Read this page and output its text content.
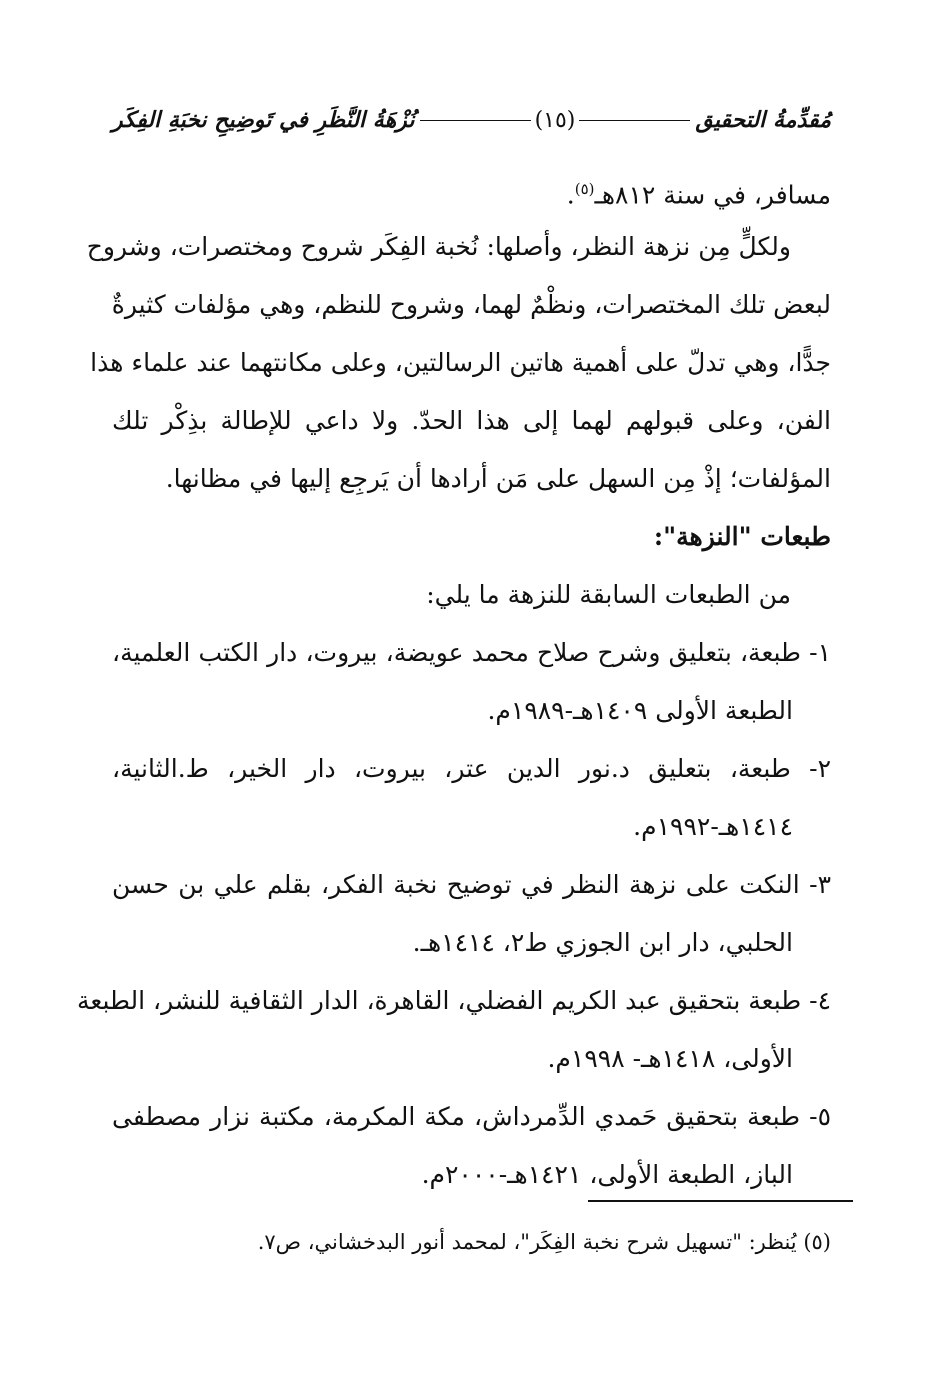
مُقدِّمةُ التحقيق
(١٥)
نُزْهَةُ النَّظَرِ في تَوضِيحِ نخبَةِ الفِكَر
مسافر، في سنة ٨١٢هـ$^{(٥)}$.
ولكلٍّ مِن نزهة النظر، وأصلها: نُخبة الفِكَر شروح ومختصرات، وشروح
لبعض تلك المختصرات، ونظْمٌ لهما، وشروح للنظم، وهي مؤلفات كثيرةٌ
جدًّا، وهي تدلّ على أهمية هاتين الرسالتين، وعلى مكانتهما عند علماء هذا
الفن، وعلى قبولهم لهما إلى هذا الحدّ. ولا داعي للإطالة بذِكْر تلك
المؤلفات؛ إذْ مِن السهل على مَن أرادها أن يَرجِع إليها في مظانها.
طبعات "النزهة":
من الطبعات السابقة للنزهة ما يلي:
١- طبعة، بتعليق وشرح صلاح محمد عويضة، بيروت، دار الكتب العلمية،
الطبعة الأولى ١٤٠٩هـ-١٩٨٩م.
٢- طبعة، بتعليق د.نور الدين عتر، بيروت، دار الخير، ط.الثانية،
١٤١٤هـ-١٩٩٢م.
٣- النكت على نزهة النظر في توضيح نخبة الفكر، بقلم علي بن حسن
الحلبي، دار ابن الجوزي ط٢، ١٤١٤هـ.
٤- طبعة بتحقيق عبد الكريم الفضلي، القاهرة، الدار الثقافية للنشر، الطبعة
الأولى، ١٤١٨هـ- ١٩٩٨م.
٥- طبعة بتحقيق حَمدي الدِّمرداش، مكة المكرمة، مكتبة نزار مصطفى
الباز، الطبعة الأولى، ١٤٢١هـ-٢٠٠٠م.
(٥) يُنظر: "تسهيل شرح نخبة الفِكَر"، لمحمد أنور البدخشاني، ص٧.
